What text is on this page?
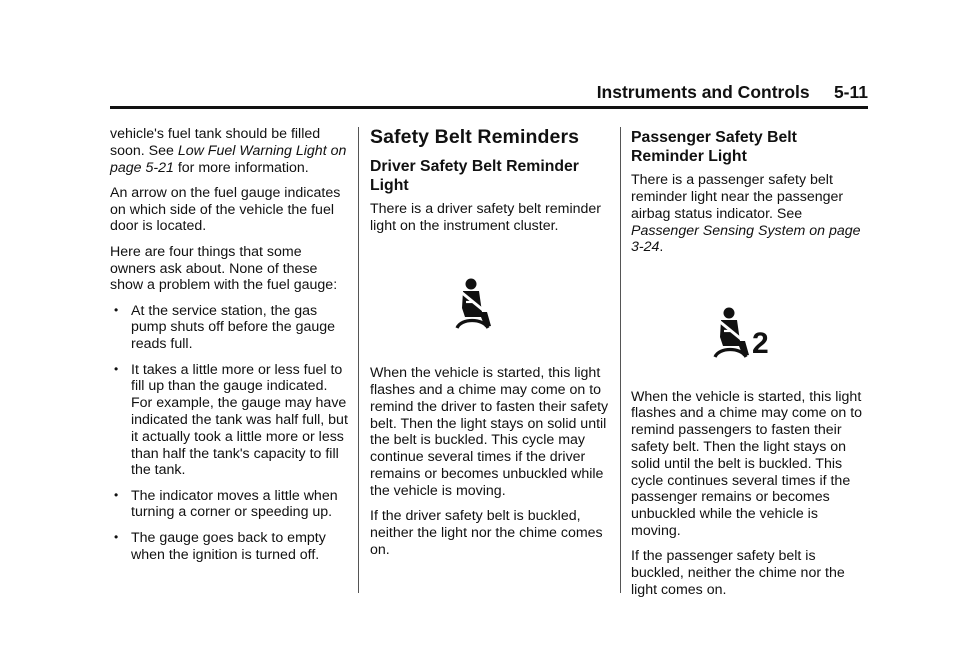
Instruments and Controls 5-11

vehicle's fuel tank should be filled soon. See Low Fuel Warning Light on page 5-21 for more information.

An arrow on the fuel gauge indicates on which side of the vehicle the fuel door is located.

Here are four things that some owners ask about. None of these show a problem with the fuel gauge:

• At the service station, the gas pump shuts off before the gauge reads full.
• It takes a little more or less fuel to fill up than the gauge indicated. For example, the gauge may have indicated the tank was half full, but it actually took a little more or less than half the tank's capacity to fill the tank.
• The indicator moves a little when turning a corner or speeding up.
• The gauge goes back to empty when the ignition is turned off.
Safety Belt Reminders
Driver Safety Belt Reminder Light

There is a driver safety belt reminder light on the instrument cluster.

When the vehicle is started, this light flashes and a chime may come on to remind the driver to fasten their safety belt. Then the light stays on solid until the belt is buckled. This cycle may continue several times if the driver remains or becomes unbuckled while the vehicle is moving.

If the driver safety belt is buckled, neither the light nor the chime comes on.

Passenger Safety Belt Reminder Light

There is a passenger safety belt reminder light near the passenger airbag status indicator. See Passenger Sensing System on page 3-24.

2

When the vehicle is started, this light flashes and a chime may come on to remind passengers to fasten their safety belt. Then the light stays on solid until the belt is buckled. This cycle continues several times if the passenger remains or becomes unbuckled while the vehicle is moving.

If the passenger safety belt is buckled, neither the chime nor the light comes on.
